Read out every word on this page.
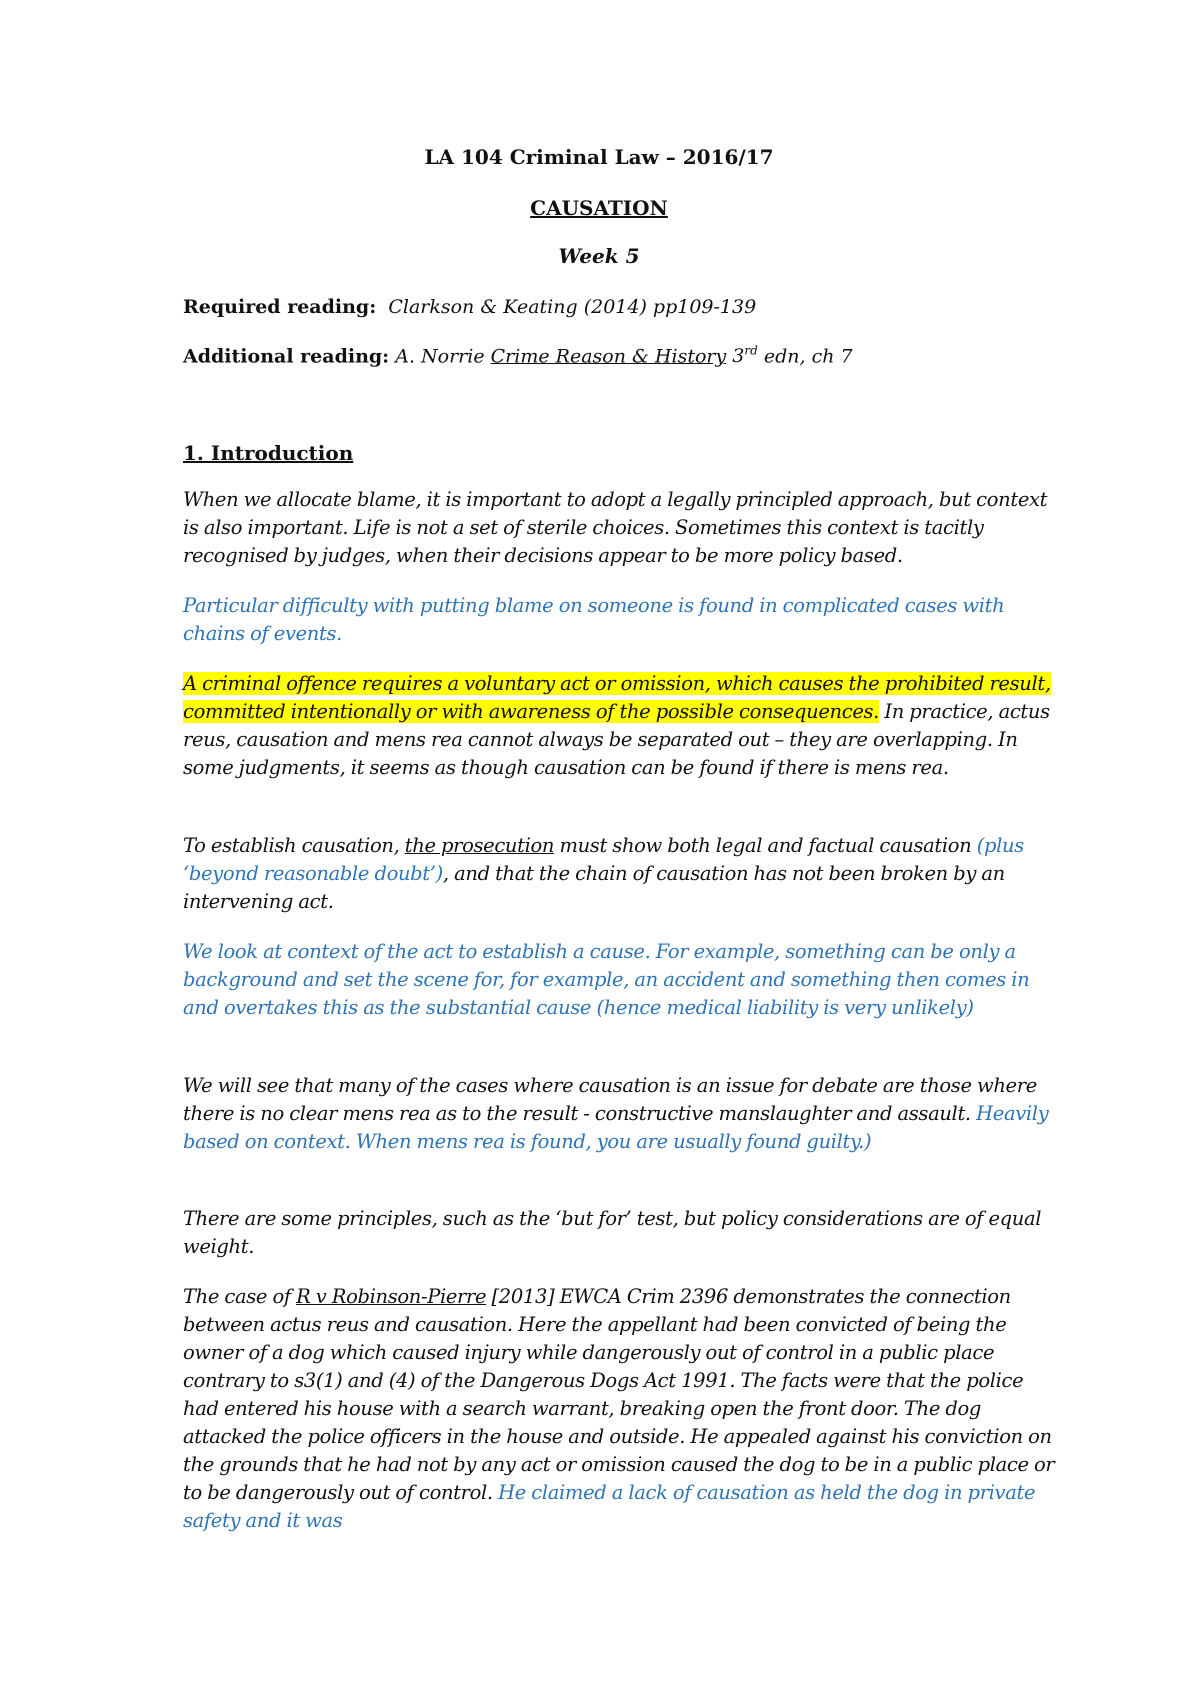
LA 104 Criminal Law – 2016/17
CAUSATION
Week 5
Required reading: Clarkson & Keating (2014) pp109-139
Additional reading: A. Norrie Crime Reason & History 3rd edn, ch 7
1. Introduction
When we allocate blame, it is important to adopt a legally principled approach, but context is also important. Life is not a set of sterile choices. Sometimes this context is tacitly recognised by judges, when their decisions appear to be more policy based.
Particular difficulty with putting blame on someone is found in complicated cases with chains of events.
A criminal offence requires a voluntary act or omission, which causes the prohibited result, committed intentionally or with awareness of the possible consequences. In practice, actus reus, causation and mens rea cannot always be separated out – they are overlapping. In some judgments, it seems as though causation can be found if there is mens rea.
To establish causation, the prosecution must show both legal and factual causation (plus ‘beyond reasonable doubt’), and that the chain of causation has not been broken by an intervening act.
We look at context of the act to establish a cause. For example, something can be only a background and set the scene for, for example, an accident and something then comes in and overtakes this as the substantial cause (hence medical liability is very unlikely)
We will see that many of the cases where causation is an issue for debate are those where there is no clear mens rea as to the result - constructive manslaughter and assault. Heavily based on context. When mens rea is found, you are usually found guilty.)
There are some principles, such as the ‘but for’ test, but policy considerations are of equal weight.
The case of R v Robinson-Pierre [2013] EWCA Crim 2396 demonstrates the connection between actus reus and causation. Here the appellant had been convicted of being the owner of a dog which caused injury while dangerously out of control in a public place contrary to s3(1) and (4) of the Dangerous Dogs Act 1991. The facts were that the police had entered his house with a search warrant, breaking open the front door. The dog attacked the police officers in the house and outside. He appealed against his conviction on the grounds that he had not by any act or omission caused the dog to be in a public place or to be dangerously out of control. He claimed a lack of causation as held the dog in private safety and it was
